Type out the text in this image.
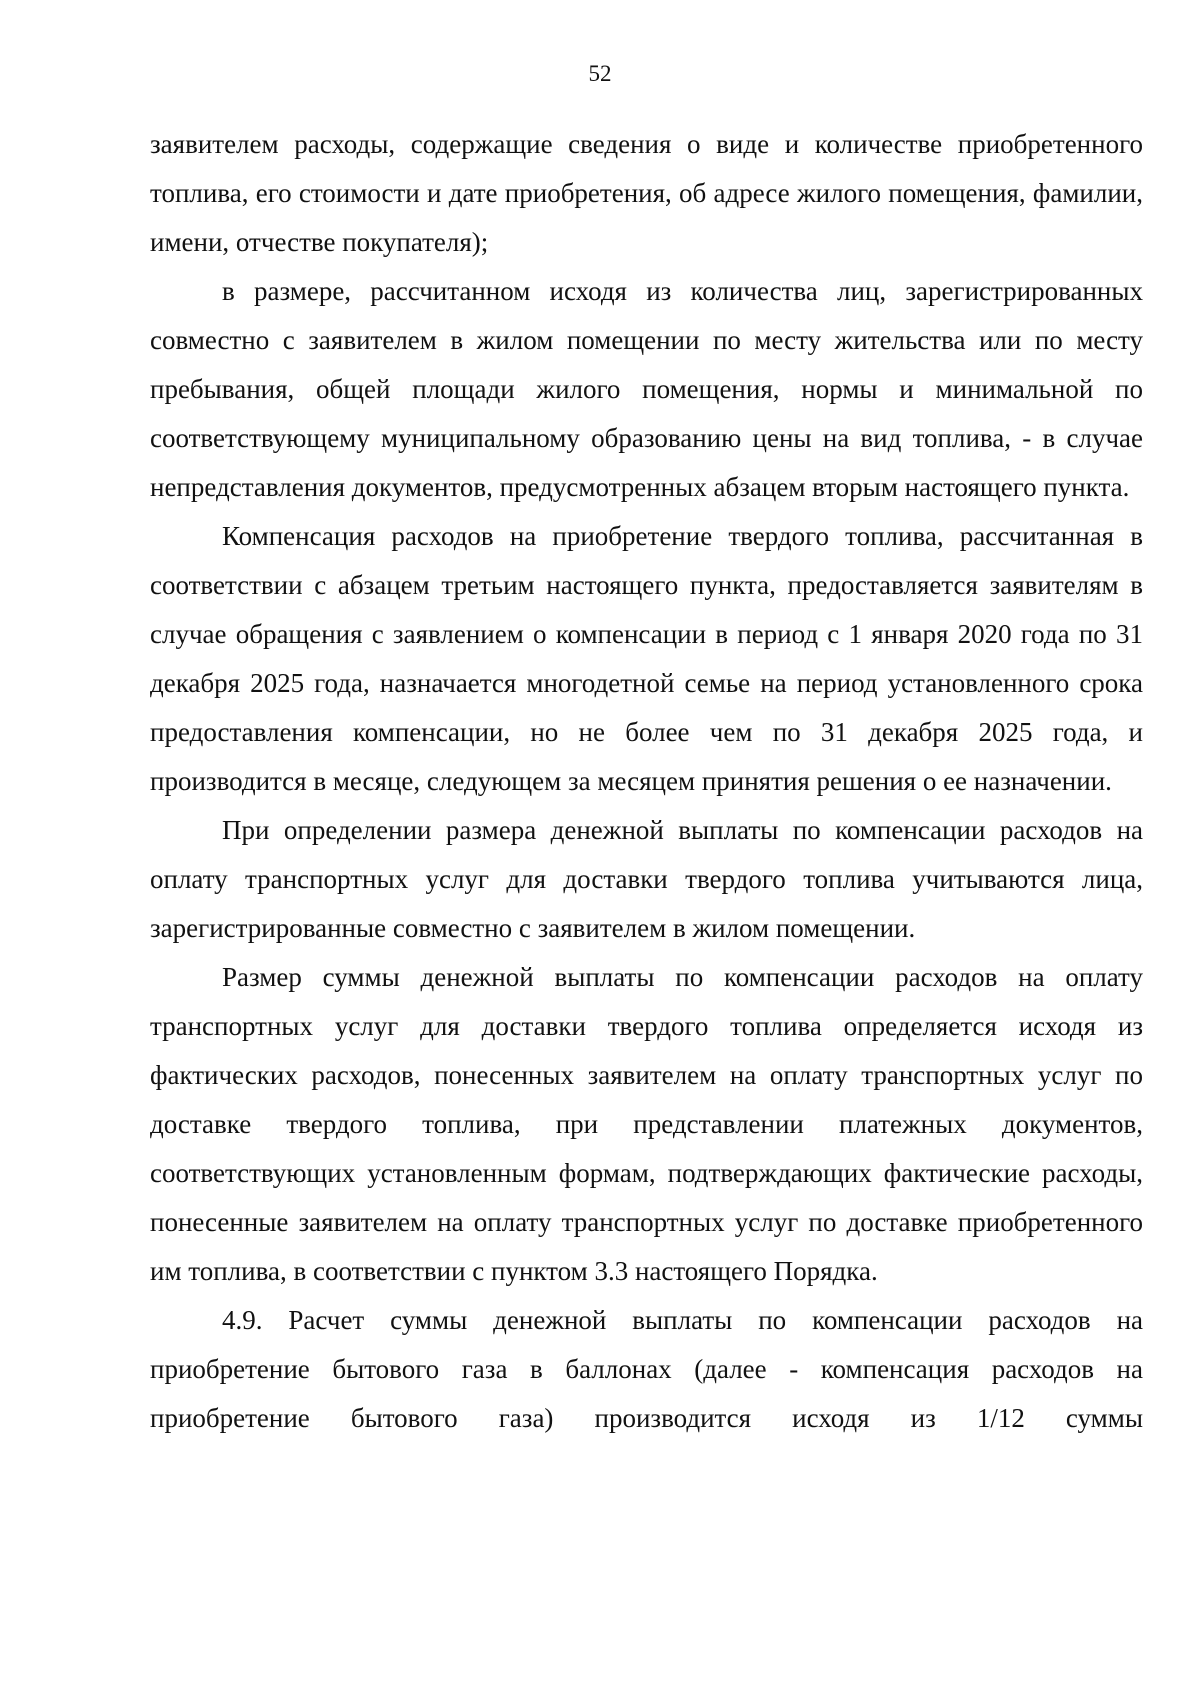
52

заявителем расходы, содержащие сведения о виде и количестве приобретенного топлива, его стоимости и дате приобретения, об адресе жилого помещения, фамилии, имени, отчестве покупателя);

в размере, рассчитанном исходя из количества лиц, зарегистрированных совместно с заявителем в жилом помещении по месту жительства или по месту пребывания, общей площади жилого помещения, нормы и минимальной по соответствующему муниципальному образованию цены на вид топлива, - в случае непредставления документов, предусмотренных абзацем вторым настоящего пункта.

Компенсация расходов на приобретение твердого топлива, рассчитанная в соответствии с абзацем третьим настоящего пункта, предоставляется заявителям в случае обращения с заявлением о компенсации в период с 1 января 2020 года по 31 декабря 2025 года, назначается многодетной семье на период установленного срока предоставления компенсации, но не более чем по 31 декабря 2025 года, и производится в месяце, следующем за месяцем принятия решения о ее назначении.

При определении размера денежной выплаты по компенсации расходов на оплату транспортных услуг для доставки твердого топлива учитываются лица, зарегистрированные совместно с заявителем в жилом помещении.

Размер суммы денежной выплаты по компенсации расходов на оплату транспортных услуг для доставки твердого топлива определяется исходя из фактических расходов, понесенных заявителем на оплату транспортных услуг по доставке твердого топлива, при представлении платежных документов, соответствующих установленным формам, подтверждающих фактические расходы, понесенные заявителем на оплату транспортных услуг по доставке приобретенного им топлива, в соответствии с пунктом 3.3 настоящего Порядка.

4.9. Расчет суммы денежной выплаты по компенсации расходов на приобретение бытового газа в баллонах (далее - компенсация расходов на приобретение бытового газа) производится исходя из 1/12 суммы
